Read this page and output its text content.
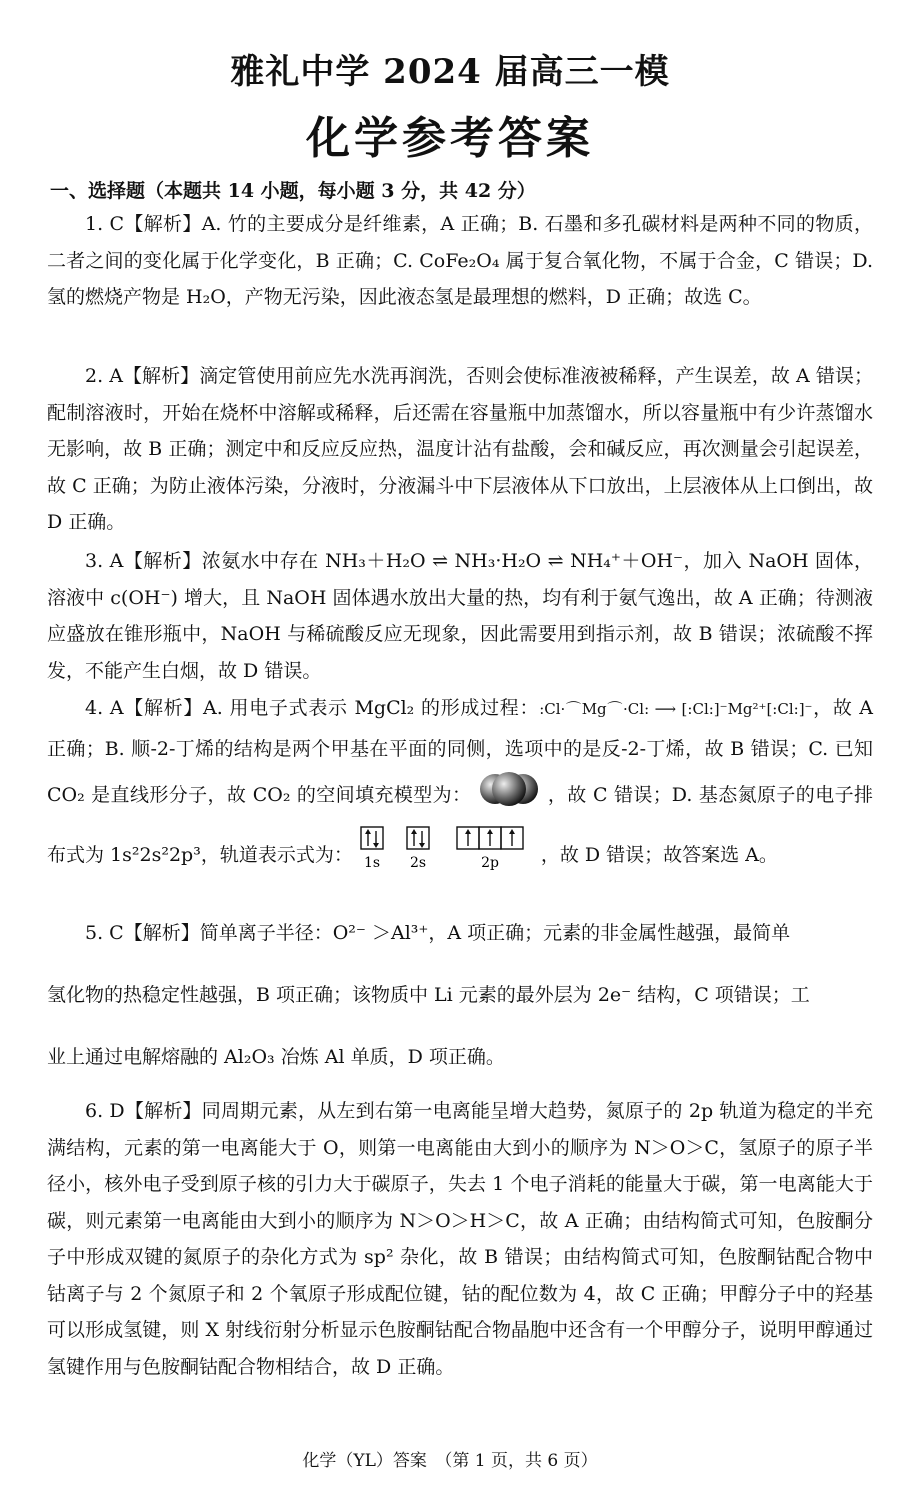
雅礼中学 2024 届高三一模
化学参考答案
一、选择题（本题共 14 小题，每小题 3 分，共 42 分）
1. C【解析】A. 竹的主要成分是纤维素，A 正确；B. 石墨和多孔碳材料是两种不同的物质，二者之间的变化属于化学变化，B 正确；C. CoFe₂O₄ 属于复合氧化物，不属于合金，C 错误；D. 氢的燃烧产物是 H₂O，产物无污染，因此液态氢是最理想的燃料，D 正确；故选 C。
2. A【解析】滴定管使用前应先水洗再润洗，否则会使标准液被稀释，产生误差，故 A 错误；配制溶液时，开始在烧杯中溶解或稀释，后还需在容量瓶中加蒸馏水，所以容量瓶中有少许蒸馏水无影响，故 B 正确；测定中和反应反应热，温度计沾有盐酸，会和碱反应，再次测量会引起误差，故 C 正确；为防止液体污染，分液时，分液漏斗中下层液体从下口放出，上层液体从上口倒出，故 D 正确。
3. A【解析】浓氨水中存在 NH₃＋H₂O ⇌ NH₃·H₂O ⇌ NH₄⁺＋OH⁻，加入 NaOH 固体，溶液中 c(OH⁻) 增大，且 NaOH 固体遇水放出大量的热，均有利于氨气逸出，故 A 正确；待测液应盛放在锥形瓶中，NaOH 与稀硫酸反应无现象，因此需要用到指示剂，故 B 错误；浓硫酸不挥发，不能产生白烟，故 D 错误。
4. A【解析】A. 用电子式表示 MgCl₂ 的形成过程：:Cl·⌒Mg⌒·Cl: ⟶ [:Cl:]⁻Mg²⁺[:Cl:]⁻，故 A 正确；B. 顺-2-丁烯的结构是两个甲基在平面的同侧，选项中的是反-2-丁烯，故 B 错误；C. 已知 CO₂ 是直线形分子，故 CO₂ 的空间填充模型为：	，故 C 错误；D. 基态氮原子的电子排布式为 1s²2s²2p³，轨道表示式为： 1s 2s	2p ，故 D 错误；故答案选 A。
5. C【解析】简单离子半径：O²⁻ ＞Al³⁺，A 项正确；元素的非金属性越强，最简单
氢化物的热稳定性越强，B 项正确；该物质中 Li 元素的最外层为 2e⁻ 结构，C 项错误；工
业上通过电解熔融的 Al₂O₃ 冶炼 Al 单质，D 项正确。
6. D【解析】同周期元素，从左到右第一电离能呈增大趋势，氮原子的 2p 轨道为稳定的半充满结构，元素的第一电离能大于 O，则第一电离能由大到小的顺序为 N＞O＞C，氢原子的原子半径小，核外电子受到原子核的引力大于碳原子，失去 1 个电子消耗的能量大于碳，第一电离能大于碳，则元素第一电离能由大到小的顺序为 N＞O＞H＞C，故 A 正确；由结构简式可知，色胺酮分子中形成双键的氮原子的杂化方式为 sp² 杂化，故 B 错误；由结构简式可知，色胺酮钴配合物中钴离子与 2 个氮原子和 2 个氧原子形成配位键，钴的配位数为 4，故 C 正确；甲醇分子中的羟基可以形成氢键，则 X 射线衍射分析显示色胺酮钴配合物晶胞中还含有一个甲醇分子，说明甲醇通过氢键作用与色胺酮钴配合物相结合，故 D 正确。
化学（YL）答案　（第 1 页，共 6 页）
